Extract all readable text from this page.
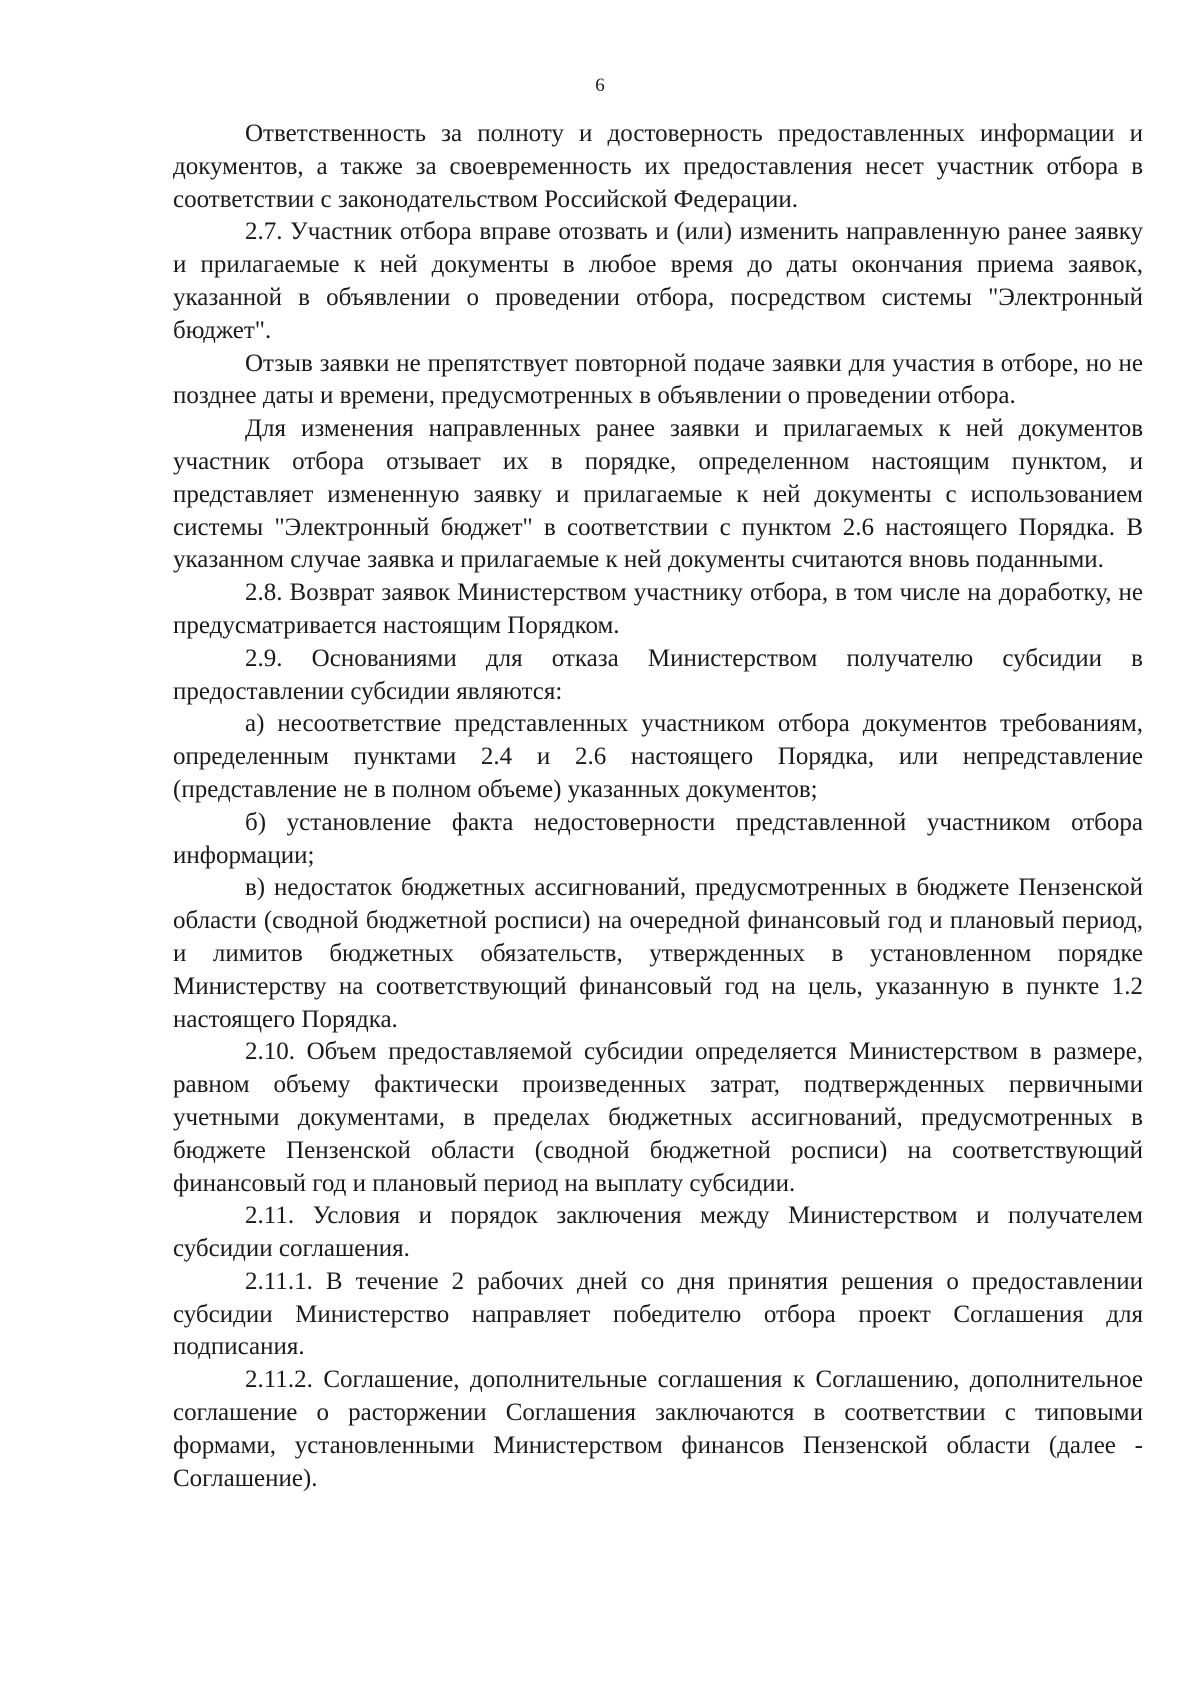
6

Ответственность за полноту и достоверность предоставленных информации и документов, а также за своевременность их предоставления несет участник отбора в соответствии с законодательством Российской Федерации.

2.7. Участник отбора вправе отозвать и (или) изменить направленную ранее заявку и прилагаемые к ней документы в любое время до даты окончания приема заявок, указанной в объявлении о проведении отбора, посредством системы "Электронный бюджет".

Отзыв заявки не препятствует повторной подаче заявки для участия в отборе, но не позднее даты и времени, предусмотренных в объявлении о проведении отбора.

Для изменения направленных ранее заявки и прилагаемых к ней документов участник отбора отзывает их в порядке, определенном настоящим пунктом, и представляет измененную заявку и прилагаемые к ней документы с использованием системы "Электронный бюджет" в соответствии с пунктом 2.6 настоящего Порядка. В указанном случае заявка и прилагаемые к ней документы считаются вновь поданными.

2.8. Возврат заявок Министерством участнику отбора, в том числе на доработку, не предусматривается настоящим Порядком.

2.9. Основаниями для отказа Министерством получателю субсидии в предоставлении субсидии являются:

а) несоответствие представленных участником отбора документов требованиям, определенным пунктами 2.4 и 2.6 настоящего Порядка, или непредставление (представление не в полном объеме) указанных документов;

б) установление факта недостоверности представленной участником отбора информации;

в) недостаток бюджетных ассигнований, предусмотренных в бюджете Пензенской области (сводной бюджетной росписи) на очередной финансовый год и плановый период, и лимитов бюджетных обязательств, утвержденных в установленном порядке Министерству на соответствующий финансовый год на цель, указанную в пункте 1.2 настоящего Порядка.

2.10. Объем предоставляемой субсидии определяется Министерством в размере, равном объему фактически произведенных затрат, подтвержденных первичными учетными документами, в пределах бюджетных ассигнований, предусмотренных в бюджете Пензенской области (сводной бюджетной росписи) на соответствующий финансовый год и плановый период на выплату субсидии.

2.11. Условия и порядок заключения между Министерством и получателем субсидии соглашения.

2.11.1. В течение 2 рабочих дней со дня принятия решения о предоставлении субсидии Министерство направляет победителю отбора проект Соглашения для подписания.

2.11.2. Соглашение, дополнительные соглашения к Соглашению, дополнительное соглашение о расторжении Соглашения заключаются в соответствии с типовыми формами, установленными Министерством финансов Пензенской области (далее - Соглашение).
